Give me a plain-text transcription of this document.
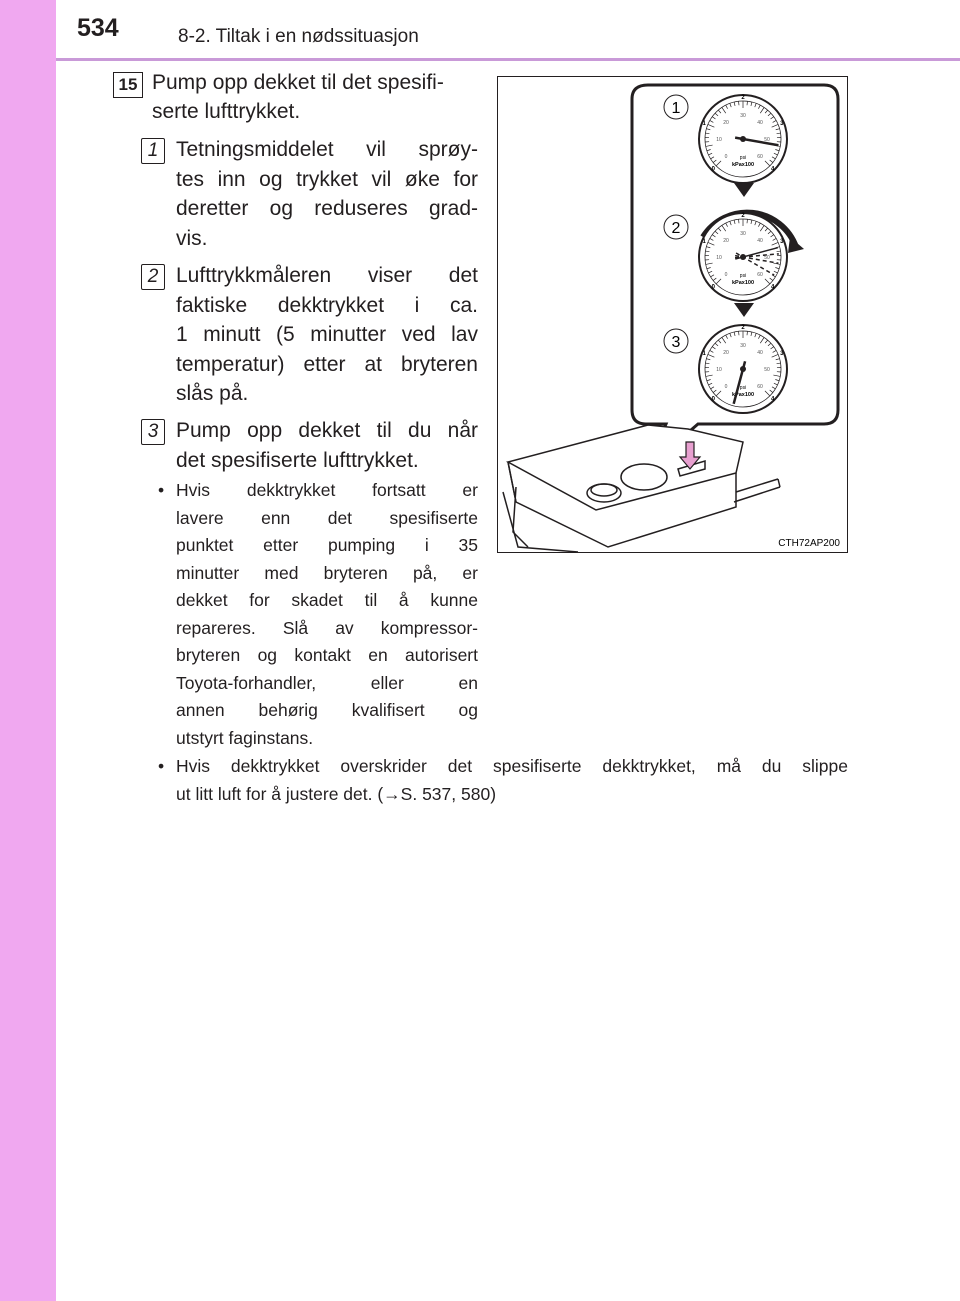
534	8-2. Tiltak i en nødssituasjon
15 Pump opp dekket til det spesifi-
serte lufttrykket.
1 Tetningsmiddelet vil sprøy-
tes inn og trykket vil øke for
deretter og reduseres grad-
vis.
2 Lufttrykkmåleren viser det
faktiske dekktrykket i ca.
1 minutt (5 minutter ved lav
temperatur) etter at bryteren
slås på.
3 Pump opp dekket til du når
det spesifiserte lufttrykket.
• Hvis dekktrykket fortsatt er
lavere enn det spesifiserte
punktet etter pumping i 35
minutter med bryteren på, er
dekket for skadet til å kunne
repareres. Slå av kompressor-
bryteren og kontakt en autorisert
Toyota-forhandler, eller en
annen behørig kvalifisert og
utstyrt faginstans.
• Hvis dekktrykket overskrider det spesifiserte dekktrykket, må du slippe
ut litt luft for å justere det. (→S. 537, 580)
1
2
3
0
1
2
3
4
0
10
20
30
40
50
60
psi
kPax100
0
1
2
3
4
0
10
20
30
40
50
60
psi
kPax100
0
1
2
3
4
0
10
20
30
40
50
60
psi
kPax100
CTH72AP200
